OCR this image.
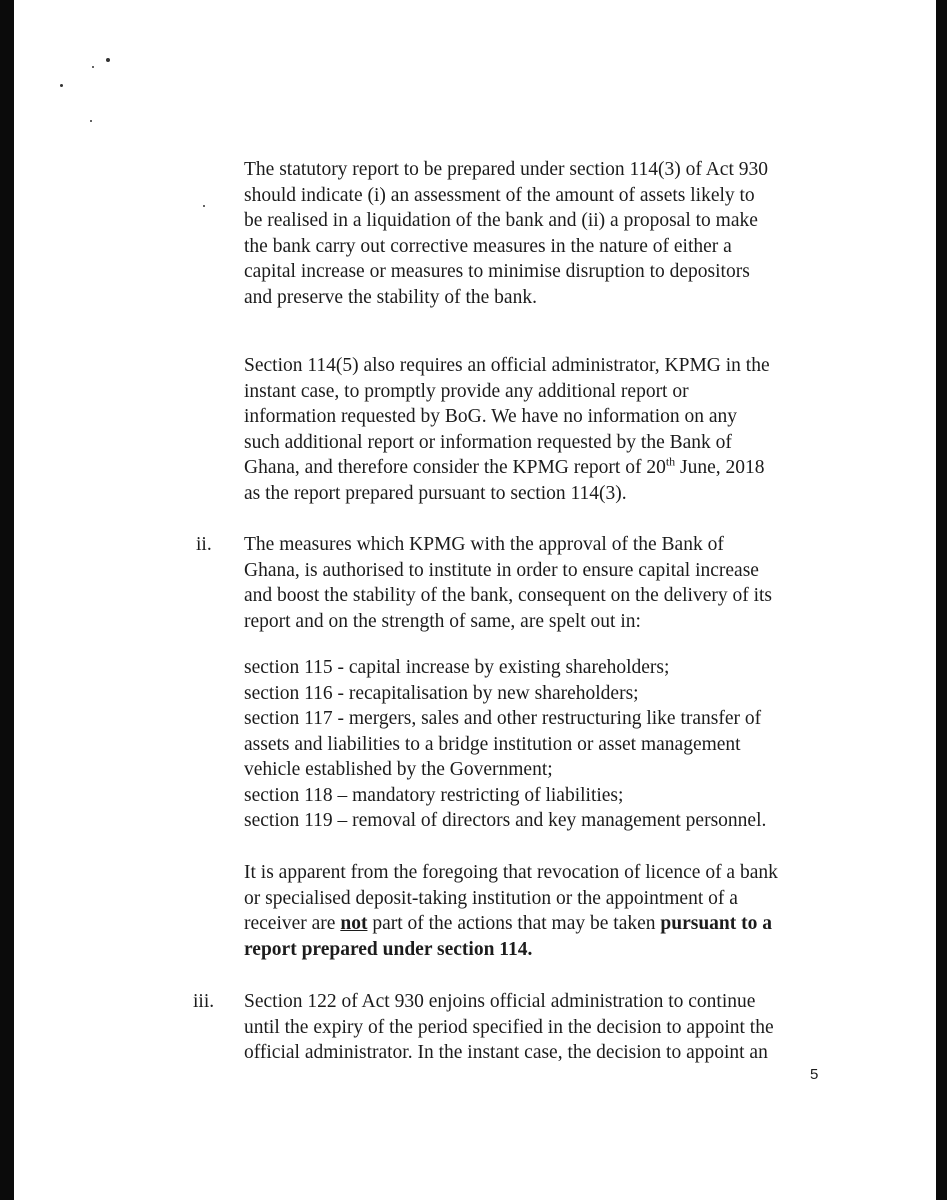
The statutory report to be prepared under section 114(3) of Act 930
should indicate (i) an assessment of the amount of assets likely to
be realised in a liquidation of the bank and (ii) a proposal to make
the bank carry out corrective measures in the nature of either a
capital increase or measures to minimise disruption to depositors
and preserve the stability of the bank.

Section 114(5) also requires an official administrator, KPMG in the
instant case, to promptly provide any additional report or
information requested by BoG. We have no information on any
such additional report or information requested by the Bank of
Ghana, and therefore consider the KPMG report of 20th June, 2018
as the report prepared pursuant to section 114(3).

ii. The measures which KPMG with the approval of the Bank of
Ghana, is authorised to institute in order to ensure capital increase
and boost the stability of the bank, consequent on the delivery of its
report and on the strength of same, are spelt out in:

section 115 - capital increase by existing shareholders;
section 116 - recapitalisation by new shareholders;
section 117 - mergers, sales and other restructuring like transfer of
assets and liabilities to a bridge institution or asset management
vehicle established by the Government;
section 118 – mandatory restricting of liabilities;
section 119 – removal of directors and key management personnel.

It is apparent from the foregoing that revocation of licence of a bank
or specialised deposit-taking institution or the appointment of a
receiver are not part of the actions that may be taken pursuant to a
report prepared under section 114.

iii. Section 122 of Act 930 enjoins official administration to continue
until the expiry of the period specified in the decision to appoint the
official administrator. In the instant case, the decision to appoint an

5
